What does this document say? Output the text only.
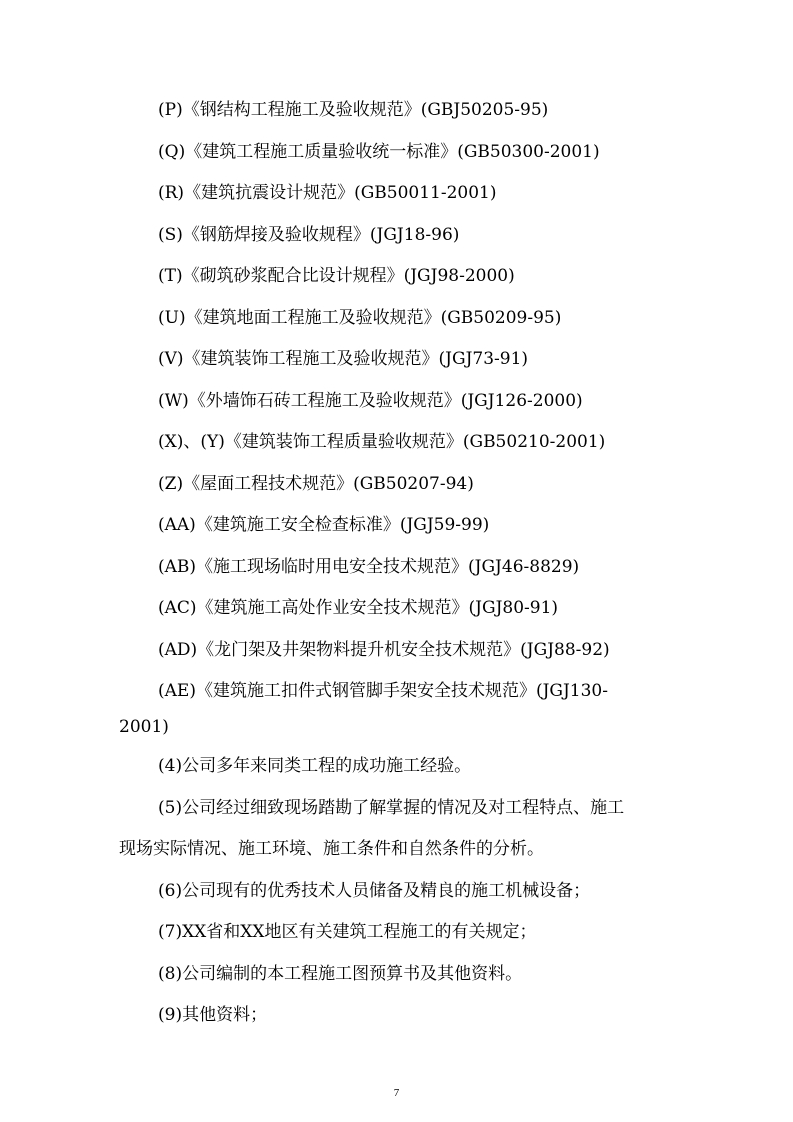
(P)《钢结构工程施工及验收规范》(GBJ50205-95)
(Q)《建筑工程施工质量验收统一标准》(GB50300-2001)
(R)《建筑抗震设计规范》(GB50011-2001)
(S)《钢筋焊接及验收规程》(JGJ18-96)
(T)《砌筑砂浆配合比设计规程》(JGJ98-2000)
(U)《建筑地面工程施工及验收规范》(GB50209-95)
(V)《建筑装饰工程施工及验收规范》(JGJ73-91)
(W)《外墙饰石砖工程施工及验收规范》(JGJ126-2000)
(X)、(Y)《建筑装饰工程质量验收规范》(GB50210-2001)
(Z)《屋面工程技术规范》(GB50207-94)
(AA)《建筑施工安全检查标准》(JGJ59-99)
(AB)《施工现场临时用电安全技术规范》(JGJ46-8829)
(AC)《建筑施工高处作业安全技术规范》(JGJ80-91)
(AD)《龙门架及井架物料提升机安全技术规范》(JGJ88-92)
(AE)《建筑施工扣件式钢管脚手架安全技术规范》(JGJ130-
2001)
(4)公司多年来同类工程的成功施工经验。
(5)公司经过细致现场踏勘了解掌握的情况及对工程特点、施工
现场实际情况、施工环境、施工条件和自然条件的分析。
(6)公司现有的优秀技术人员储备及精良的施工机械设备；
(7)XX省和XX地区有关建筑工程施工的有关规定；
(8)公司编制的本工程施工图预算书及其他资料。
(9)其他资料；
7
